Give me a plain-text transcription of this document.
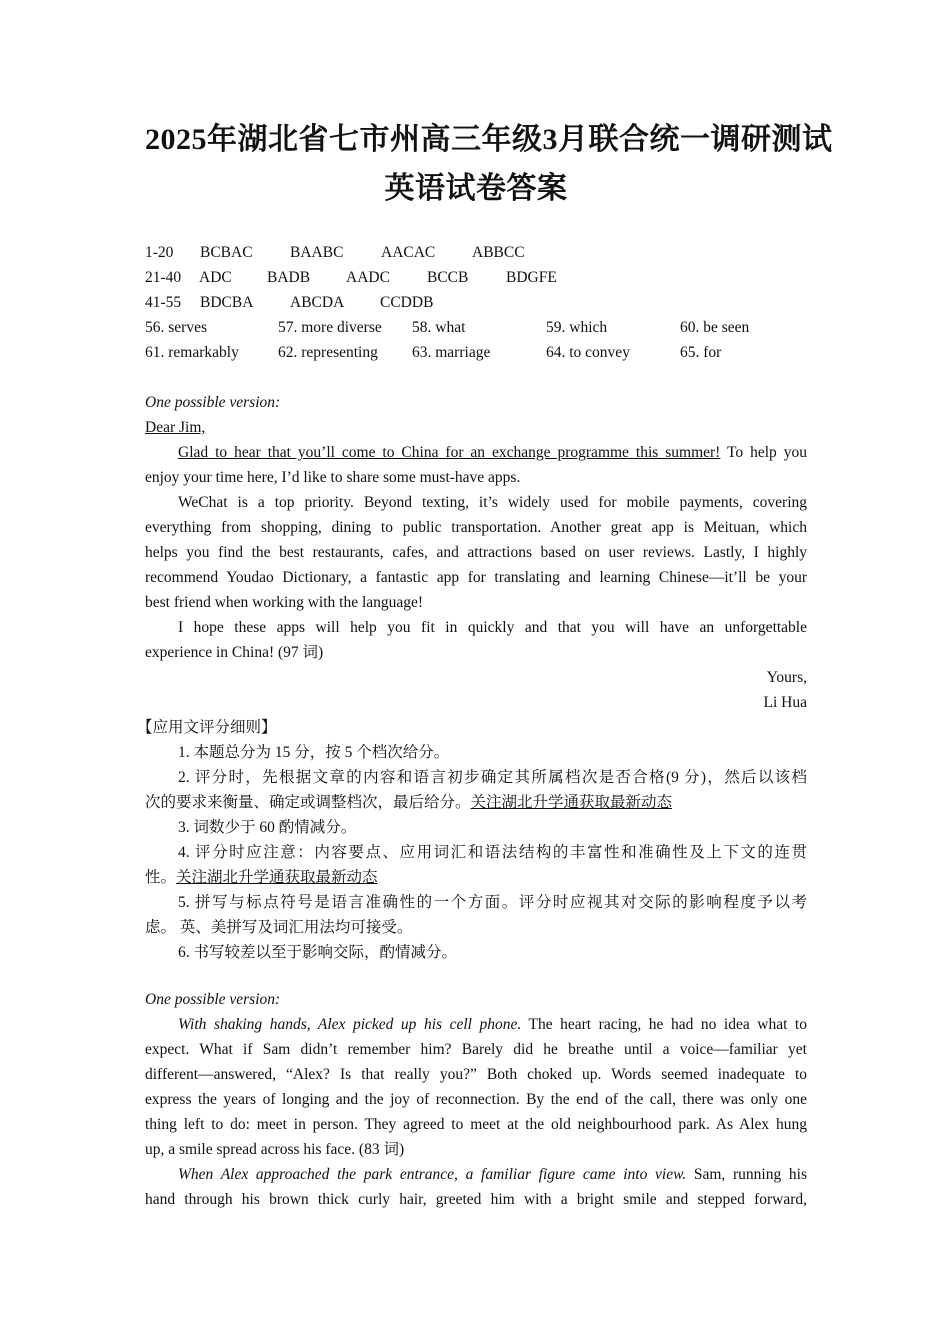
2025年湖北省七市州高三年级3月联合统一调研测试
英语试卷答案
1-20 BCBAC BAABC AACAC ABBCC
21-40 ADC BADB AADC BCCB BDGFE
41-55 BDCBA ABCDA CCDDB
56. serves	57. more diverse 58. what	59. which	60. be seen
61. remarkably	62. representing 63. marriage	64. to convey	65. for
One possible version:
Dear Jim,
Glad to hear that you’ll come to China for an exchange programme this summer! To help you
enjoy your time here, I’d like to share some must-have apps.
WeChat is a top priority. Beyond texting, it’s widely used for mobile payments, covering
everything from shopping, dining to public transportation. Another great app is Meituan, which
helps you find the best restaurants, cafes, and attractions based on user reviews. Lastly, I highly
recommend Youdao Dictionary, a fantastic app for translating and learning Chinese—it’ll be your
best friend when working with the language!
I hope these apps will help you fit in quickly and that you will have an unforgettable
experience in China! (97 词)
Yours,
Li Hua
【应用文评分细则】
1. 本题总分为 15 分，按 5 个档次给分。
2. 评分时，先根据文章的内容和语言初步确定其所属档次是否合格(9 分)，然后以该档
次的要求来衡量、确定或调整档次，最后给分。关注湖北升学通获取最新动态
3. 词数少于 60 酌情减分。
4. 评分时应注意：内容要点、应用词汇和语法结构的丰富性和准确性及上下文的连贯
性。关注湖北升学通获取最新动态
5. 拼写与标点符号是语言准确性的一个方面。评分时应视其对交际的影响程度予以考
虑。 英、美拼写及词汇用法均可接受。
6. 书写较差以至于影响交际，酌情减分。
One possible version:
With shaking hands, Alex picked up his cell phone. The heart racing, he had no idea what to
expect. What if Sam didn’t remember him? Barely did he breathe until a voice—familiar yet
different—answered, “Alex? Is that really you?” Both choked up. Words seemed inadequate to
express the years of longing and the joy of reconnection. By the end of the call, there was only one
thing left to do: meet in person. They agreed to meet at the old neighbourhood park. As Alex hung
up, a smile spread across his face. (83 词)
When Alex approached the park entrance, a familiar figure came into view. Sam, running his
hand through his brown thick curly hair, greeted him with a bright smile and stepped forward,
